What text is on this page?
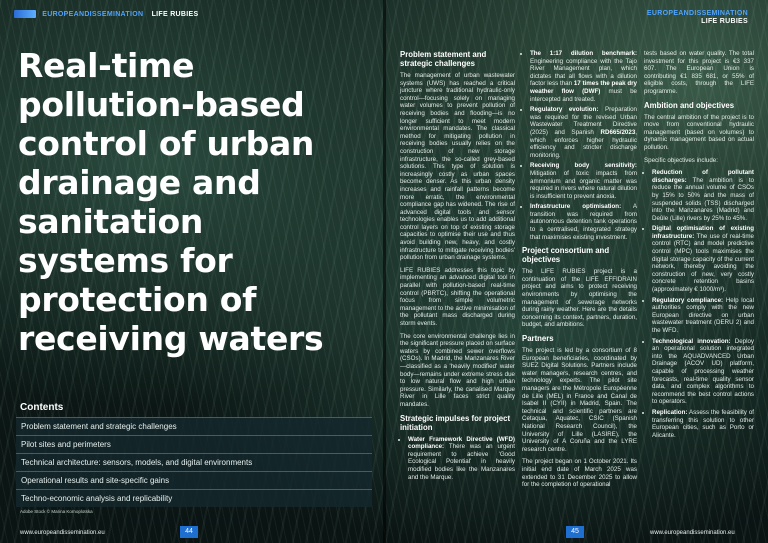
EUROPEANDISSEMINATION LIFE RUBIES	EUROPEANDISSEMINATION
LIFE RUBIES
Real-time pollution-based control of urban drainage and sanitation systems for protection of receiving waters
Contents
Problem statement and strategic challenges
Pilot sites and perimeters
Technical architecture: sensors, models, and digital environments
Operational results and site-specific gains
Techno-economic analysis and replicability
Adobe Stock © Marina Kornoplotska
Problem statement and strategic challenges

The management of urban wastewater systems (UWS) has reached a critical juncture where traditional hydraulic-only control—focusing solely on managing water volumes to prevent pollution of receiving bodies and flooding—is no longer sufficient to meet modern environmental mandates. The classical method for mitigating pollution in receiving bodies usually relies on the construction of new storage infrastructure, the so-called grey-based solutions. This type of solution is increasingly costly as urban spaces become denser. As this urban density increases and rainfall patterns become more erratic, the environmental compliance gap has widened. The rise of advanced digital tools and sensor technologies enables us to add additional control layers on top of existing storage capacities to optimise their use and thus avoid building new, heavy, and costly infrastructure to mitigate receiving bodies' pollution from urban drainage systems.

LIFE RUBIES addresses this topic by implementing an advanced digital tool in parallel with pollution-based real-time control (PBRTC), shifting the operational focus from simple volumetric management to the active minimisation of the pollutant mass discharged during storm events.

The core environmental challenge lies in the significant pressure placed on surface waters by combined sewer overflows (CSOs). In Madrid, the Manzanares River—classified as a 'heavily modified' water body—remains under extreme stress due to low natural flow and high urban pressure. Similarly, the canalised Marque River in Lille faces strict quality mandates.

Strategic impulses for project initiation
• Water Framework Directive (WFD) compliance: There was an urgent requirement to achieve 'Good Ecological Potential' in heavily modified bodies like the Manzanares and the Marque.
• The 1:17 dilution benchmark: Engineering compliance with the Tajo River Management plan, which dictates that all flows with a dilution factor less than 17 times the peak dry weather flow (DWF) must be intercepted and treated.
• Regulatory evolution: Preparation was required for the revised Urban Wastewater Treatment Directive (2025) and Spanish RD665/2023, which enforces higher hydraulic efficiency and stricter discharge monitoring.
• Receiving body sensitivity: Mitigation of toxic impacts from ammonium and organic matter was required in rivers where natural dilution is insufficient to prevent anoxia.
• Infrastructure optimisation: A transition was required from autonomous detention tank operations to a centralised, integrated strategy that maximises existing investment.
Project consortium and objectives

The LIFE RUBIES project is a continuation of the LIFE EFFIDRAIN project and aims to protect receiving environments by optimising the management of sewerage networks during rainy weather. Here are the details concerning its context, partners, duration, budget, and ambitions.

Partners

The project is led by a consortium of 8 European beneficiaries, coordinated by SUEZ Digital Solutions. Partners include water managers, research centres, and technology experts. The pilot site managers are the Métropole Européenne de Lille (MEL) in France and Canal de Isabel II (CYII) in Madrid, Spain. The technical and scientific partners are Cetaqua, Aquatec, CSIC (Spanish National Research Council), the University of Lille (LASIRE), the University of A Coruña and the LYRE research centre.

The project began on 1 October 2021. Its initial end date of March 2025 was extended to 31 December 2025 to allow for the completion of operational

tests based on water quality. The total investment for this project is €3 337 607. The European Union is contributing €1 835 681, or 55% of eligible costs, through the LIFE programme.

Ambition and objectives

The central ambition of the project is to move from conventional hydraulic management (based on volumes) to dynamic management based on actual pollution.

Specific objectives include:

• Reduction of pollutant discharges: The ambition is to reduce the annual volume of CSOs by 15% to 50% and the mass of suspended solids (TSS) discharged into the Manzanares (Madrid) and Deûle (Lille) rivers by 25% to 45%.
• Digital optimisation of existing infrastructure: The use of real-time control (RTC) and model predictive control (MPC) tools maximises the digital storage capacity of the current network, thereby avoiding the construction of new, very costly concrete retention basins (approximately € 1000/m³).
• Regulatory compliance: Help local authorities comply with the new European directive on urban wastewater treatment (DERU 2) and the WFD.
• Technological innovation: Deploy an operational solution integrated into the AQUADVANCED Urban Drainage (ACOV UD) platform, capable of processing weather forecasts, real-time quality sensor data, and complex algorithms to recommend the best control actions to operators.
• Replication: Assess the feasibility of transferring this solution to other European cities, such as Porto or Alicante.
www.europeandissemination.eu	44	45	www.europeandissemination.eu
